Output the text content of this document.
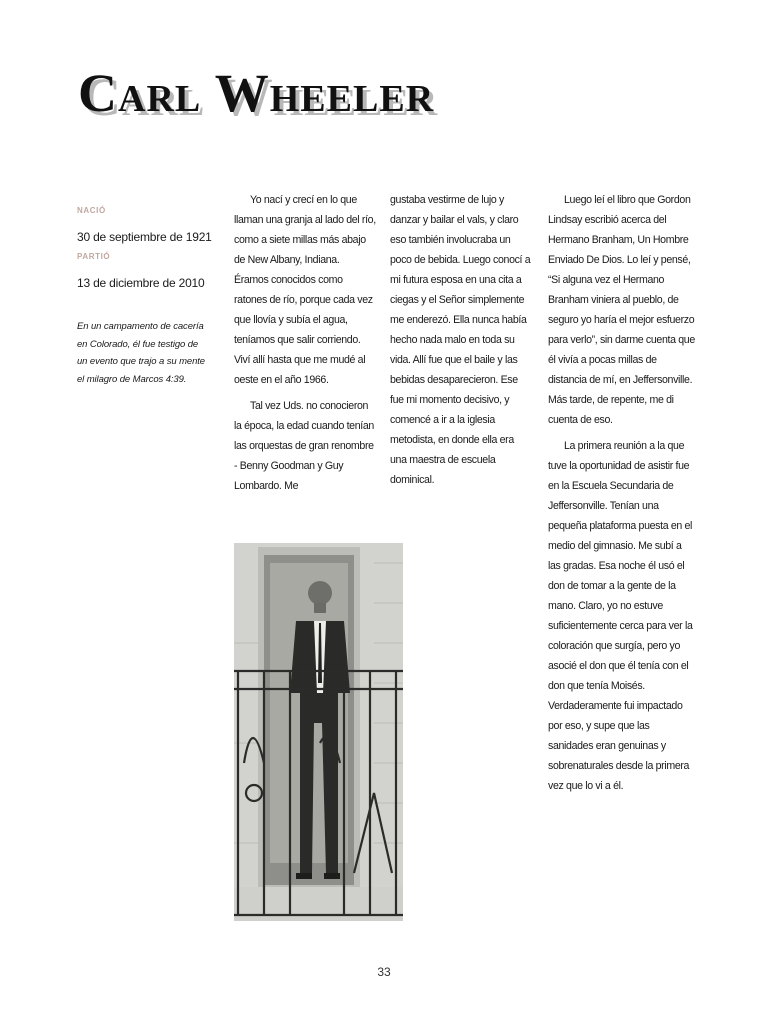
Carl Wheeler
NACIÓ
30 de septiembre de 1921
PARTIÓ
13 de diciembre de 2010
En un campamento de cacería en Colorado, él fue testigo de un evento que trajo a su mente el milagro de Marcos 4:39.

Yo nací y crecí en lo que llaman una granja al lado del río, como a siete millas más abajo de New Albany, Indiana. Éramos conocidos como ratones de río, porque cada vez que llovía y subía el agua, teníamos que salir corriendo. Viví allí hasta que me mudé al oeste en el año 1966.

Tal vez Uds. no conocieron la época, la edad cuando tenían las orquestas de gran renombre - Benny Goodman y Guy Lombardo. Me

gustaba vestirme de lujo y danzar y bailar el vals, y claro eso también involucraba un poco de bebida. Luego conocí a mi futura esposa en una cita a ciegas y el Señor simplemente me enderezó. Ella nunca había hecho nada malo en toda su vida. Allí fue que el baile y las bebidas desaparecieron. Ese fue mi momento decisivo, y comencé a ir a la iglesia metodista, en donde ella era una maestra de escuela dominical.

Luego leí el libro que Gordon Lindsay escribió acerca del Hermano Branham, Un Hombre Enviado De Dios. Lo leí y pensé, “Si alguna vez el Hermano Branham viniera al pueblo, de seguro yo haría el mejor esfuerzo para verlo”, sin darme cuenta que él vivía a pocas millas de distancia de mí, en Jeffersonville. Más tarde, de repente, me di cuenta de eso.

La primera reunión a la que tuve la oportunidad de asistir fue en la Escuela Secundaria de Jeffersonville. Tenían una pequeña plataforma puesta en el medio del gimnasio. Me subí a las gradas. Esa noche él usó el don de tomar a la gente de la mano. Claro, yo no estuve suficientemente cerca para ver la coloración que surgía, pero yo asocié el don que él tenía con el don que tenía Moisés. Verdaderamente fui impactado por eso, y supe que las sanidades eran genuinas y sobrenaturales desde la primera vez que lo vi a él.

33
